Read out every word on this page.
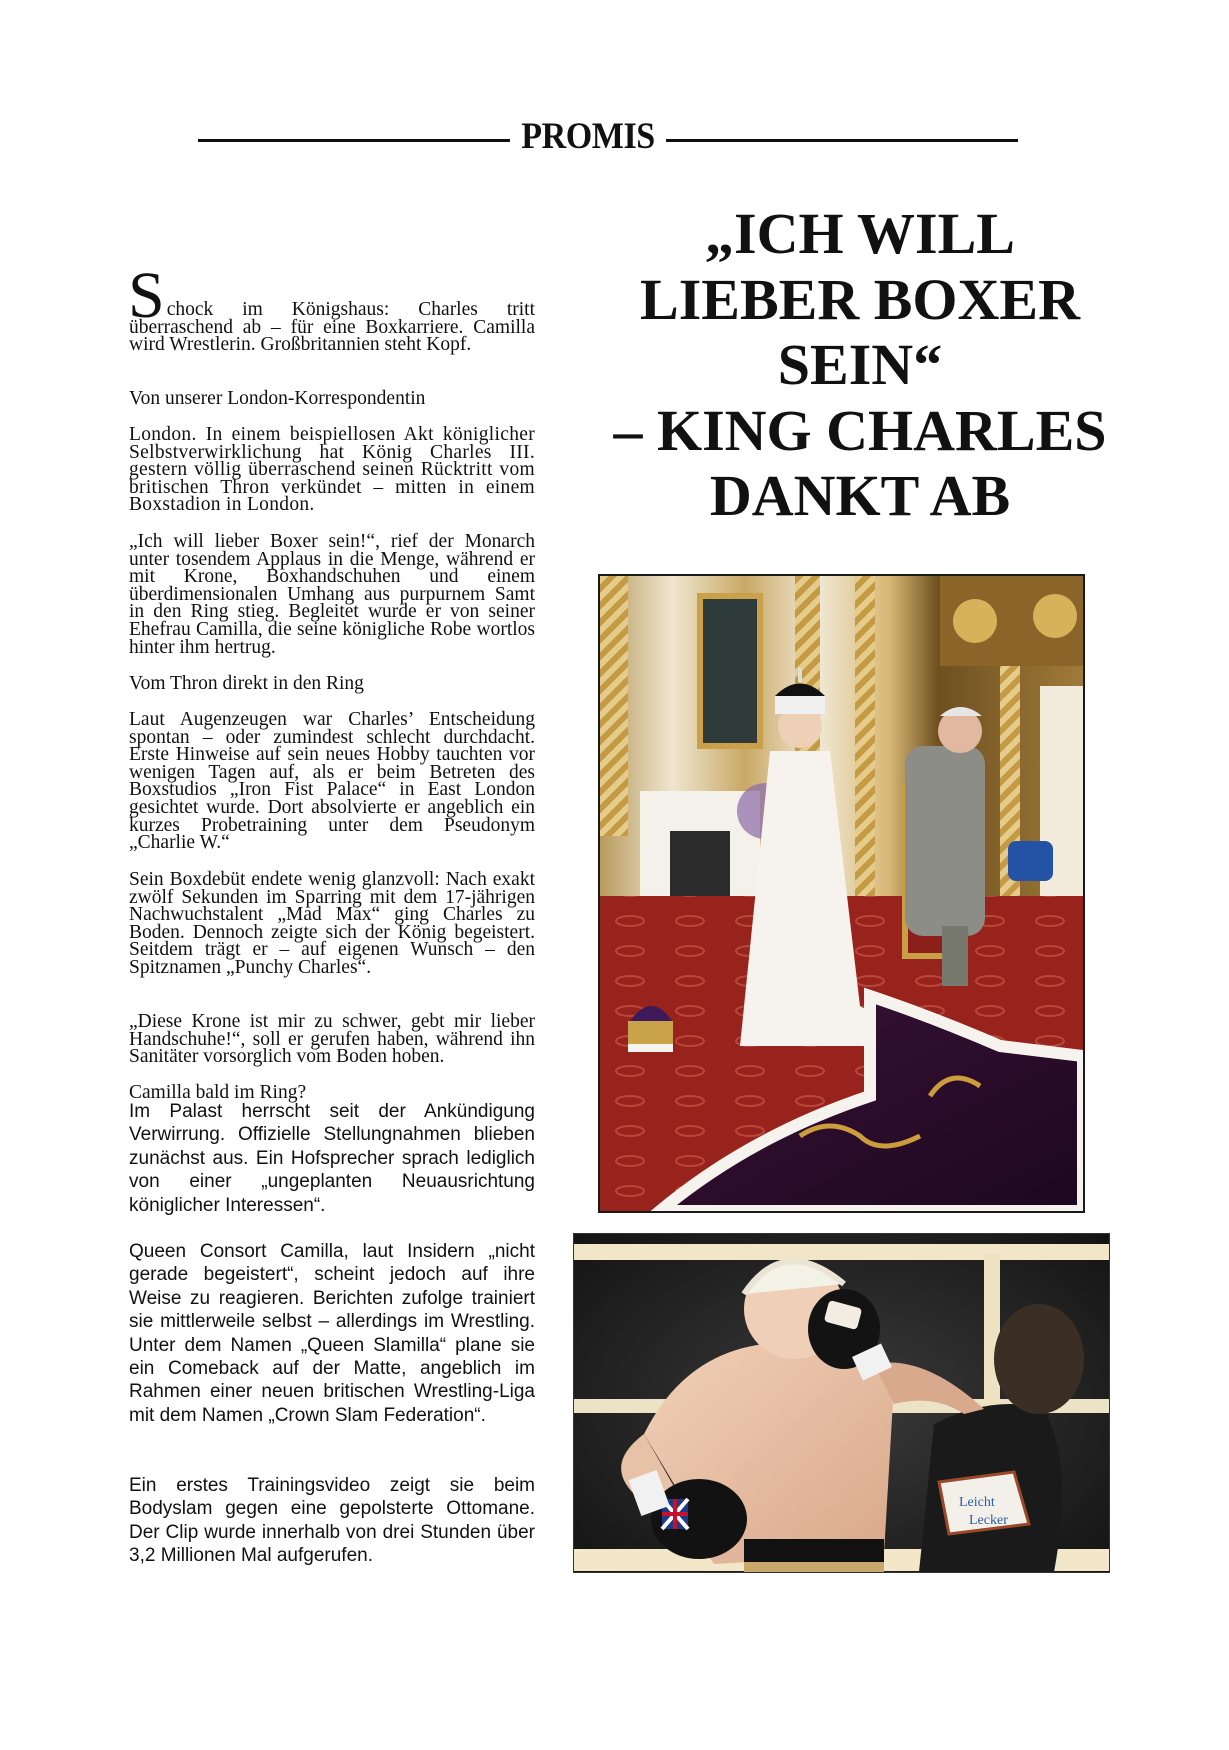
PROMIS
„ICH WILL
LIEBER BOXER
SEIN“
– KING CHARLES
DANKT AB
S chock im Königshaus: Charles tritt überraschend ab – für eine Boxkarriere. Camilla wird Wrestlerin. Großbritannien steht Kopf.

Von unserer London-Korrespondentin

London. In einem beispiellosen Akt königlicher Selbstverwirklichung hat König Charles III. gestern völlig überraschend seinen Rücktritt vom britischen Thron verkündet – mitten in einem Boxstadion in London.

„Ich will lieber Boxer sein!“, rief der Monarch unter tosendem Applaus in die Menge, während er mit Krone, Boxhandschuhen und einem überdimensionalen Umhang aus purpurnem Samt in den Ring stieg. Begleitet wurde er von seiner Ehefrau Camilla, die seine königliche Robe wortlos hinter ihm hertrug.

Vom Thron direkt in den Ring

Laut Augenzeugen war Charles’ Entscheidung spontan – oder zumindest schlecht durchdacht. Erste Hinweise auf sein neues Hobby tauchten vor wenigen Tagen auf, als er beim Betreten des Boxstudios „Iron Fist Palace“ in East London gesichtet wurde. Dort absolvierte er angeblich ein kurzes Probetraining unter dem Pseudonym „Charlie W.“

Sein Boxdebüt endete wenig glanzvoll: Nach exakt zwölf Sekunden im Sparring mit dem 17-jährigen Nachwuchstalent „Mad Max“ ging Charles zu Boden. Dennoch zeigte sich der König begeistert. Seitdem trägt er – auf eigenen Wunsch – den Spitznamen „Punchy Charles“.

„Diese Krone ist mir zu schwer, gebt mir lieber Handschuhe!“, soll er gerufen haben, während ihn Sanitäter vorsorglich vom Boden hoben.

Camilla bald im Ring?

Im Palast herrscht seit der Ankündigung Verwirrung. Offizielle Stellungnahmen blieben zunächst aus. Ein Hofsprecher sprach lediglich von einer „ungeplanten Neuausrichtung königlicher Interessen“.

Queen Consort Camilla, laut Insidern „nicht gerade begeistert“, scheint jedoch auf ihre Weise zu reagieren. Berichten zufolge trainiert sie mittlerweile selbst – allerdings im Wrestling. Unter dem Namen „Queen Slamilla“ plane sie ein Comeback auf der Matte, angeblich im Rahmen einer neuen britischen Wrestling-Liga mit dem Namen „Crown Slam Federation“.

Ein erstes Trainingsvideo zeigt sie beim Bodyslam gegen eine gepolsterte Ottomane. Der Clip wurde innerhalb von drei Stunden über 3,2 Millionen Mal aufgerufen.

Leicht
Lecker
